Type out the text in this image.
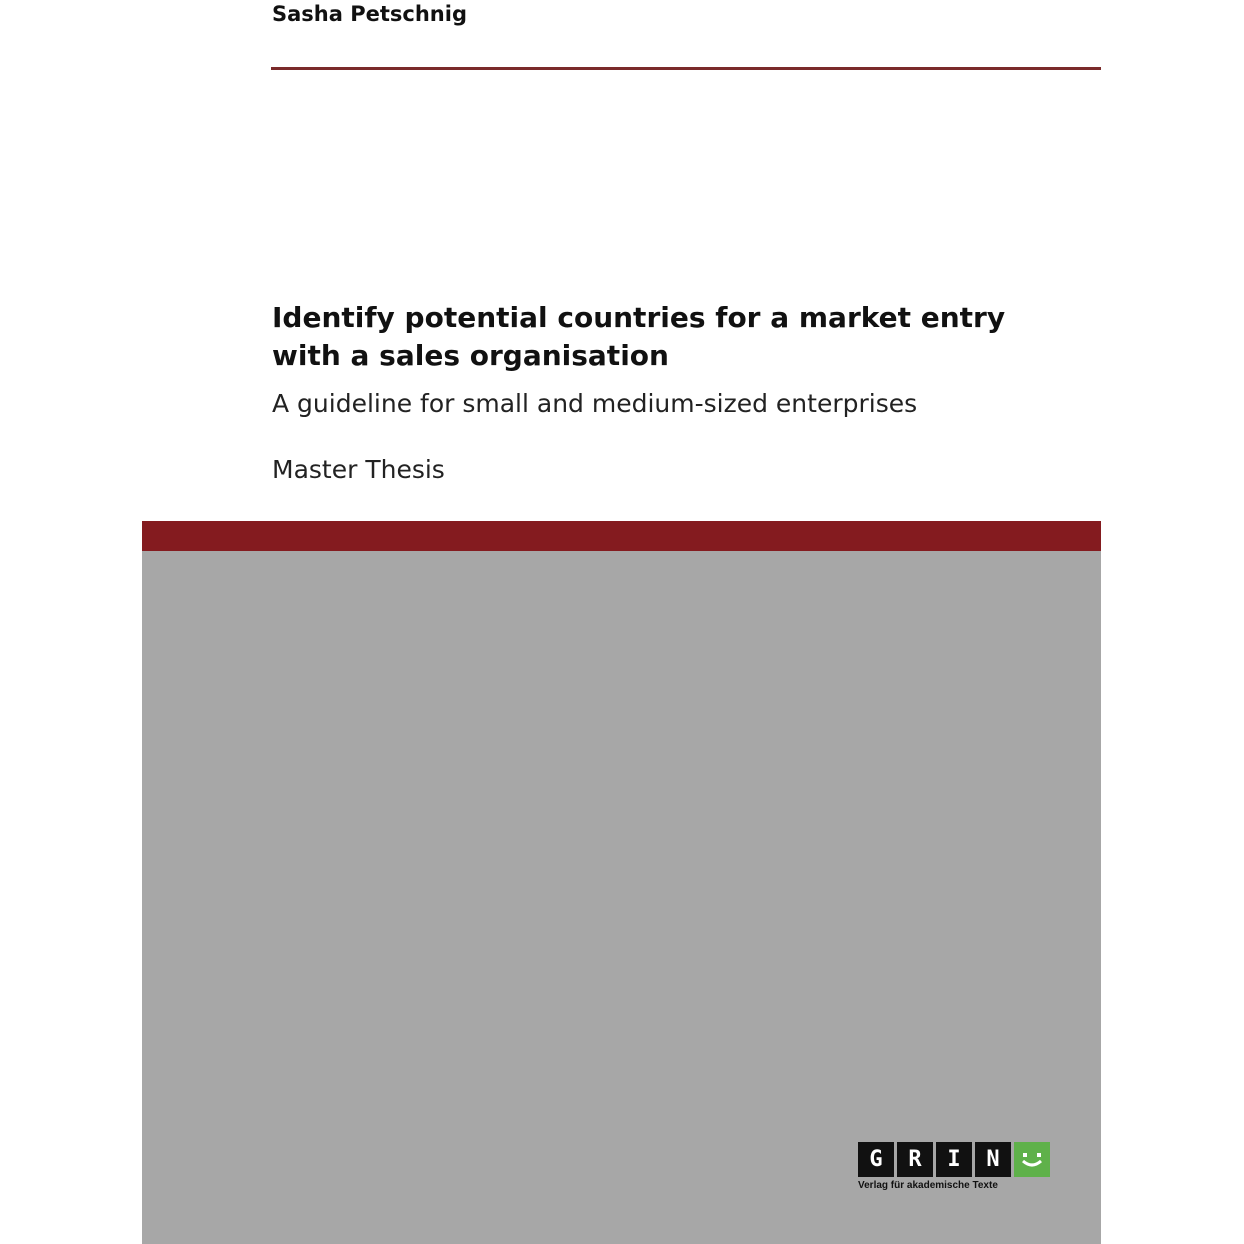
Sasha Petschnig
Identify potential countries for a market entry with a sales organisation
A guideline for small and medium-sized enterprises
Master Thesis
G	R	I	N
Verlag für akademische Texte
